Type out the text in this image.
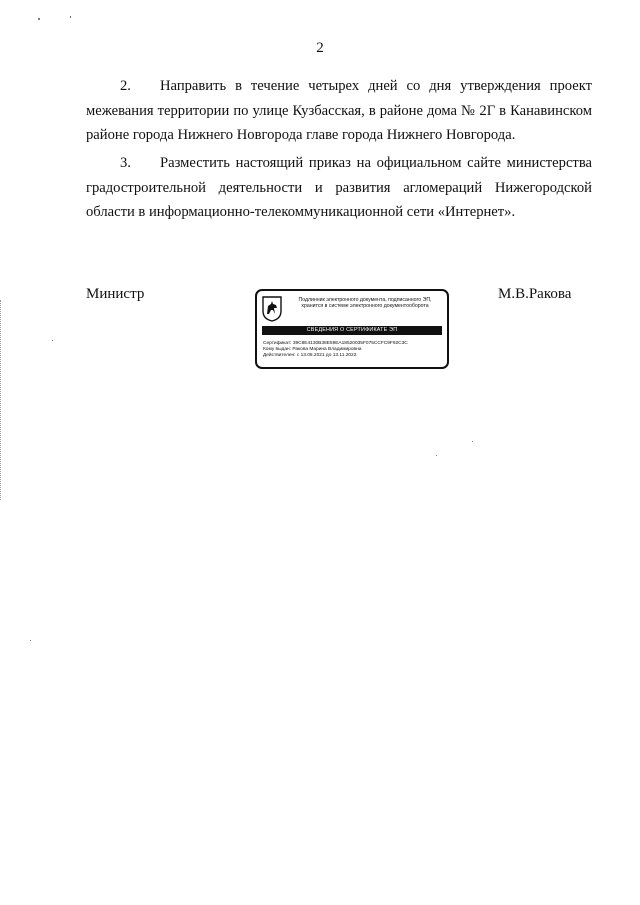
2
2. Направить в течение четырех дней со дня утверждения проект
межевания территории по улице Кузбасская, в районе дома № 2Г в Канавинском
районе города Нижнего Новгорода главе города Нижнего Новгорода.
3. Разместить настоящий приказ на официальном сайте министерства
градостроительной деятельности и развития агломераций Нижегородской
области в информационно-телекоммуникационной сети «Интернет».
Министр	М.В.Ракова
Подлинник электронного документа, подписанного ЭП,
хранится в системе электронного документооборота
СВЕДЕНИЯ О СЕРТИФИКАТЕ ЭП
Сертификат: 39C8E4130B38E59EA18520035F075CCFC9F92C3C
Кому выдан: Ракова Марина Владимировна
Действителен: с 13.08.2021 до 13.11.2022
